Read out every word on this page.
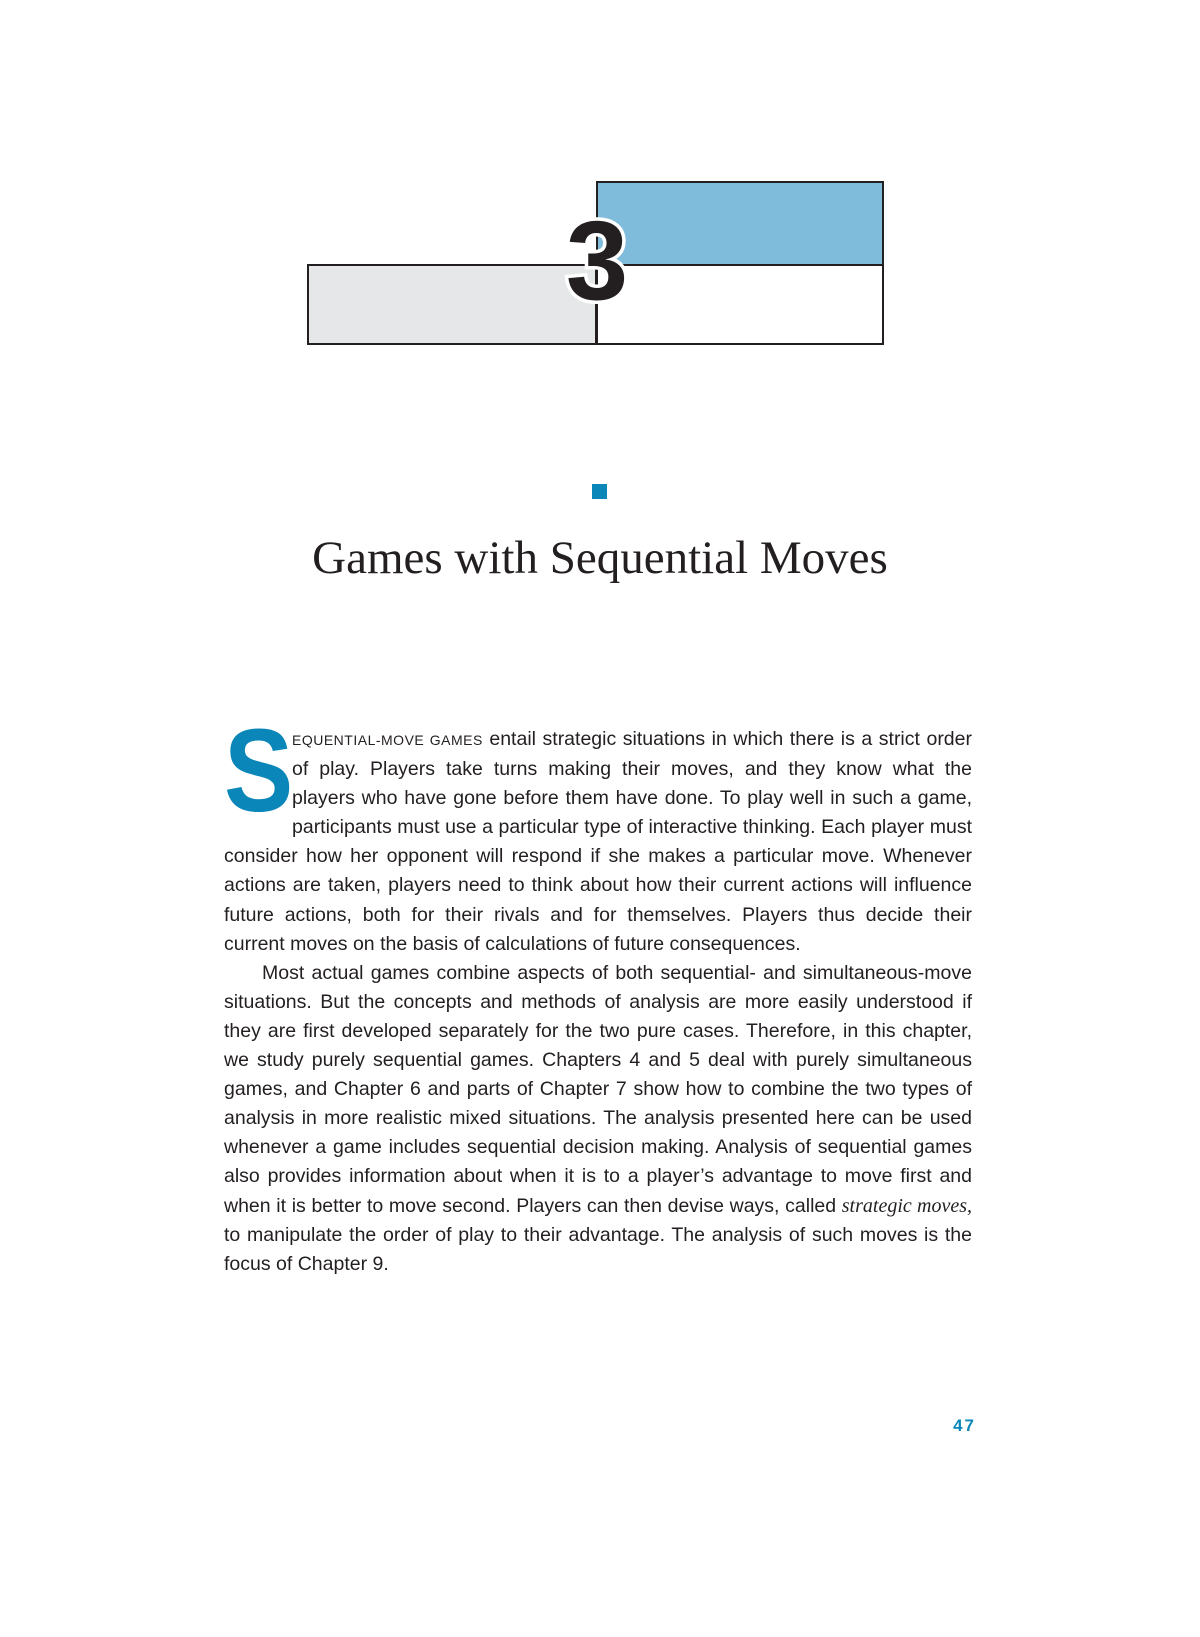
3
Games with Sequential Moves

S
EQUENTIAL-MOVE GAMES entail strategic situations in which there is a strict order of play. Players take turns making their moves, and they know what the players who have gone before them have done. To play well in such a game, participants must use a particular type of interactive thinking. Each player must consider how her opponent will respond if she makes a particular move. Whenever actions are taken, players need to think about how their current actions will influence future actions, both for their rivals and for themselves. Players thus decide their current moves on the basis of calculations of future consequences.

Most actual games combine aspects of both sequential- and simultaneous-move situations. But the concepts and methods of analysis are more easily understood if they are first developed separately for the two pure cases. Therefore, in this chapter, we study purely sequential games. Chapters 4 and 5 deal with purely simultaneous games, and Chapter 6 and parts of Chapter 7 show how to combine the two types of analysis in more realistic mixed situations. The analysis presented here can be used whenever a game includes sequential decision making. Analysis of sequential games also provides information about when it is to a player’s advantage to move first and when it is better to move second. Players can then devise ways, called strategic moves, to manipulate the order of play to their advantage. The analysis of such moves is the focus of Chapter 9.

47
